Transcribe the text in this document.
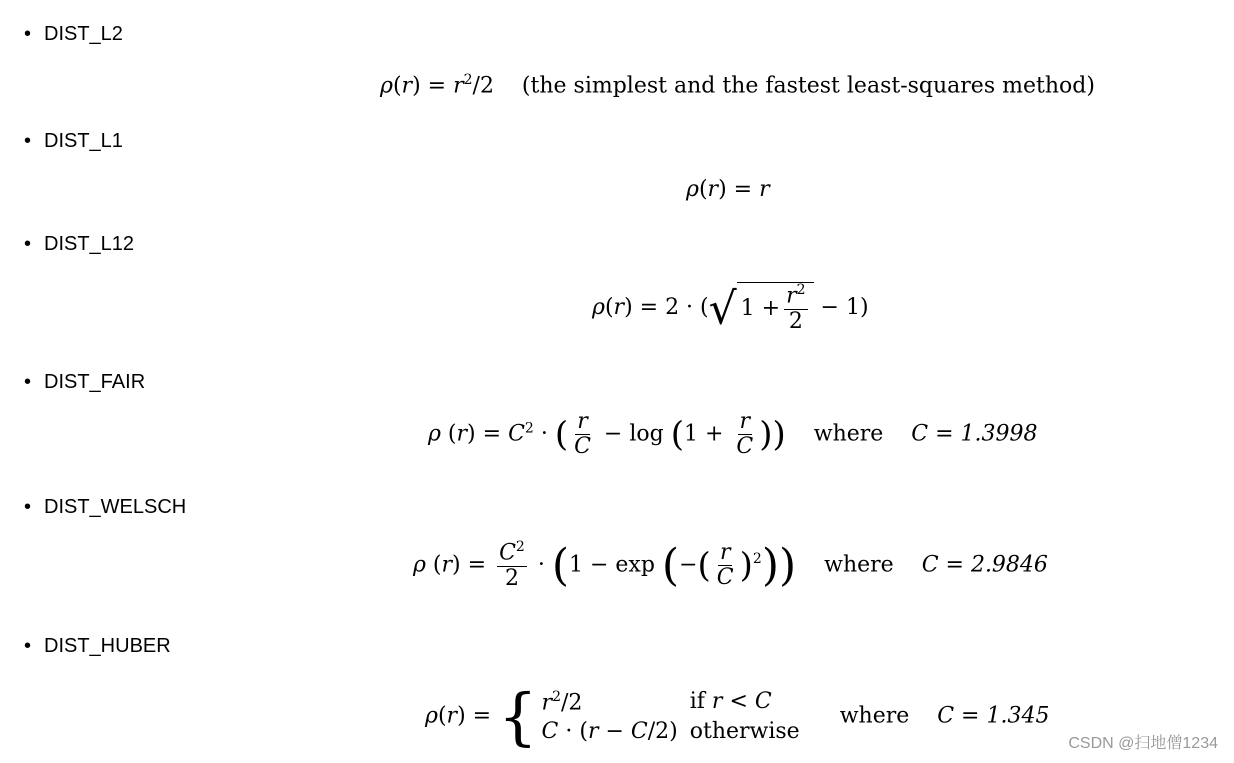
• DIST_L2
$\rho(r) = r^2/2$    (the simplest and the fastest least-squares method)
• DIST_L1
ρ(r) = r
• DIST_L12
ρ(r) = 2 · (√ $1 + \frac{r^2}{2} - 1$)
• DIST_FAIR
ρ $(r) = C^2$ · ( $\frac{r}{C} - \log (1 + \frac{r}{C}$ )) where C = 1.3998
• DIST_WELSCH
ρ $(r) = \frac{C^2}{2} \cdot (1 - \exp$ (−( $\frac{r}{C} )^2$)) where C = 2.9846
• DIST_HUBER
ρ(r) = { $r^2/2$	if r < C
C · (r − C/2)	otherwise
where C = 1.345
CSDN @扫地僧1234
